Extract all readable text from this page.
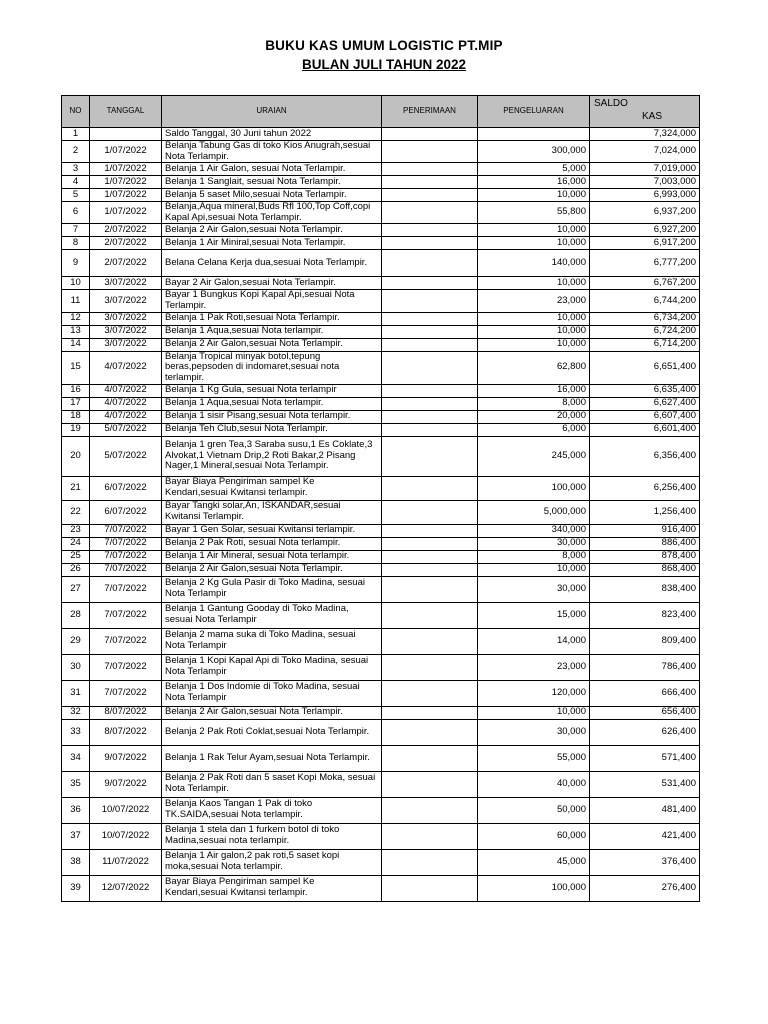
BUKU KAS UMUM LOGISTIC PT.MIP
BULAN JULI TAHUN 2022
NO	TANGGAL	URAIAN	PENERIMAAN	PENGELUARAN	SALDO
KAS

1		Saldo Tanggal, 30 Juni tahun 2022			7,324,000
2	1/07/2022	Belanja Tabung Gas di toko Kios Anugrah,sesuai Nota Terlampir.		300,000	7,024,000
3	1/07/2022	Belanja 1 Air Galon, sesuai Nota Terlampir.		5,000	7,019,000
4	1/07/2022	Belanja 1 Sanglait, sesuai Nota Terlampir.		16,000	7,003,000
5	1/07/2022	Belanja 5 saset Milo,sesuai Nota Terlampir.		10,000	6,993,000
6	1/07/2022	Belanja,Aqua mineral,Buds Rfl 100,Top Coff,copi Kapal Api,sesuai Nota Terlampir.		55,800	6,937,200
7	2/07/2022	Belanja 2 Air Galon,sesuai Nota Terlampir.		10,000	6,927,200
8	2/07/2022	Belanja 1 Air Miniral,sesuai Nota Terlampir.		10,000	6,917,200
9	2/07/2022	Belana Celana Kerja dua,sesuai Nota Terlampir.		140,000	6,777,200
10	3/07/2022	Bayar 2 Air Galon,sesuai Nota Terlampir.		10,000	6,767,200
11	3/07/2022	Bayar 1 Bungkus Kopi Kapal Api,sesuai Nota Terlampir.		23,000	6,744,200
12	3/07/2022	Belanja 1 Pak Roti,sesuai Nota Terlampir.		10,000	6,734,200
13	3/07/2022	Belanja 1 Aqua,sesuai Nota terlampir.		10,000	6,724,200
14	3/07/2022	Belanja 2 Air Galon,sesuai Nota Terlampir.		10,000	6,714,200
15	4/07/2022	Belanja Tropical minyak botol,tepung beras,pepsoden di indomaret,sesuai nota terlampir.		62,800	6,651,400
16	4/07/2022	Belanja 1 Kg Gula, sesuai Nota terlampir		16,000	6,635,400
17	4/07/2022	Belanja 1 Aqua,sesuai Nota terlampir.		8,000	6,627,400
18	4/07/2022	Belanja 1 sisir Pisang,sesuai Nota terlampir.		20,000	6,607,400
19	5/07/2022	Belanja Teh Club,sesui Nota Terlampir.		6,000	6,601,400
20	5/07/2022	Belanja 1 gren Tea,3 Saraba susu,1 Es Coklate,3 Alvokat,1 Vietnam Drip,2 Roti Bakar,2 Pisang Nager,1 Mineral,sesuai Nota Terlampir.		245,000	6,356,400
21	6/07/2022	Bayar Biaya Pengiriman sampel Ke Kendari,sesuai Kwitansi terlampir.		100,000	6,256,400
22	6/07/2022	Bayar Tangki solar,An, ISKANDAR,sesuai Kwitansi Terlampir.		5,000,000	1,256,400
23	7/07/2022	Bayar 1 Gen Solar, sesuai Kwitansi terlampir.		340,000	916,400
24	7/07/2022	Belanja 2 Pak Roti, sesuai Nota terlampir.		30,000	886,400
25	7/07/2022	Belanja 1 Air Mineral, sesuai Nota terlampir.		8,000	878,400
26	7/07/2022	Belanja 2 Air Galon,sesuai Nota Terlampir.		10,000	868,400
27	7/07/2022	Belanja 2 Kg Gula Pasir di Toko Madina, sesuai Nota Terlampir		30,000	838,400
28	7/07/2022	Belanja 1 Gantung Gooday di Toko Madina, sesuai Nota Terlampir		15,000	823,400
29	7/07/2022	Belanja 2 mama suka di Toko Madina, sesuai Nota Terlampir		14,000	809,400
30	7/07/2022	Belanja 1 Kopi Kapal Api di Toko Madina, sesuai Nota Terlampir		23,000	786,400
31	7/07/2022	Belanja 1 Dos Indomie di Toko Madina, sesuai Nota Terlampir		120,000	666,400
32	8/07/2022	Belanja 2 Air Galon,sesuai Nota Terlampir.		10,000	656,400
33	8/07/2022	Belanja 2 Pak Roti Coklat,sesuai Nota Terlampir.		30,000	626,400
34	9/07/2022	Belanja 1 Rak Telur Ayam,sesuai Nota Terlampir.		55,000	571,400
35	9/07/2022	Belanja 2 Pak Roti dan 5 saset Kopi Moka, sesuai Nota Terlampir.		40,000	531,400
36	10/07/2022	Belanja Kaos Tangan 1 Pak di toko TK.SAIDA,sesuai Nota terlampir.		50,000	481,400
37	10/07/2022	Belanja 1 stela dan 1 furkem botol di toko Madina,sesuai nota terlampir.		60,000	421,400
38	11/07/2022	Belanja 1 Air galon,2 pak roti,5 saset kopi moka,sesuai Nota terlampir.		45,000	376,400
39	12/07/2022	Bayar Biaya Pengiriman sampel Ke Kendari,sesuai Kwitansi terlampir.		100,000	276,400
